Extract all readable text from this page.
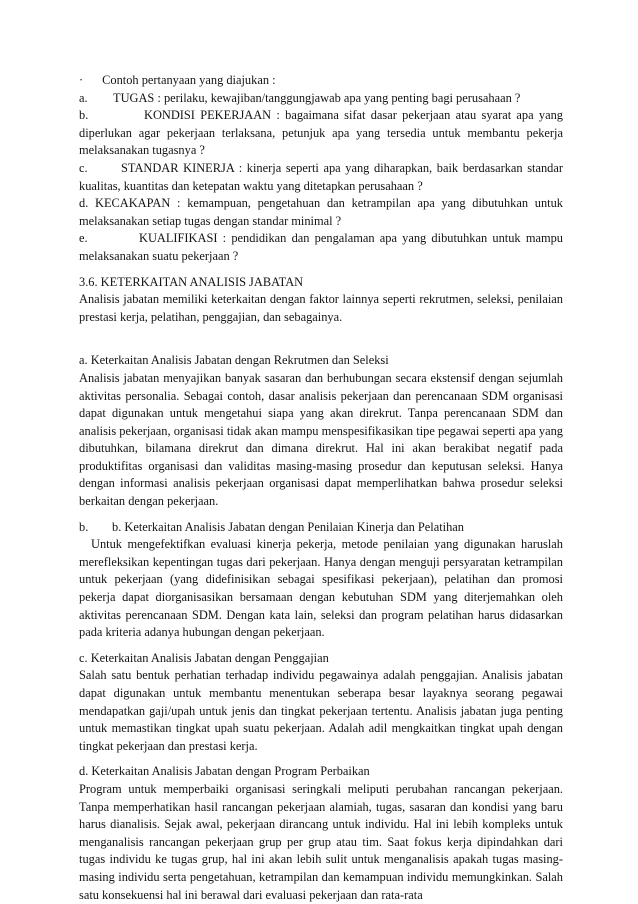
· Contoh pertanyaan yang diajukan :

a. TUGAS : perilaku, kewajiban/tanggungjawab apa yang penting bagi perusahaan ?

b.	KONDISI PEKERJAAN : bagaimana sifat dasar pekerjaan atau syarat apa yang diperlukan agar pekerjaan terlaksana, petunjuk apa yang tersedia untuk membantu pekerja melaksanakan tugasnya ?

c.	STANDAR KINERJA : kinerja seperti apa yang diharapkan, baik berdasarkan standar kualitas, kuantitas dan ketepatan waktu yang ditetapkan perusahaan ?

d. KECAKAPAN : kemampuan, pengetahuan dan ketrampilan apa yang dibutuhkan untuk melaksanakan setiap tugas dengan standar minimal ?

e.	KUALIFIKASI : pendidikan dan pengalaman apa yang dibutuhkan untuk mampu melaksanakan suatu pekerjaan ?

3.6. KETERKAITAN ANALISIS JABATAN

Analisis jabatan memiliki keterkaitan dengan faktor lainnya seperti rekrutmen, seleksi, penilaian prestasi kerja, pelatihan, penggajian, dan sebagainya.

a. Keterkaitan Analisis Jabatan dengan Rekrutmen dan Seleksi

Analisis jabatan menyajikan banyak sasaran dan berhubungan secara ekstensif dengan sejumlah aktivitas personalia. Sebagai contoh, dasar analisis pekerjaan dan perencanaan SDM organisasi dapat digunakan untuk mengetahui siapa yang akan direkrut. Tanpa perencanaan SDM dan analisis pekerjaan, organisasi tidak akan mampu menspesifikasikan tipe pegawai seperti apa yang dibutuhkan, bilamana direkrut dan dimana direkrut. Hal ini akan berakibat negatif pada produktifitas organisasi dan validitas masing-masing prosedur dan keputusan seleksi. Hanya dengan informasi analisis pekerjaan organisasi dapat memperlihatkan bahwa prosedur seleksi berkaitan dengan pekerjaan.

b. b. Keterkaitan Analisis Jabatan dengan Penilaian Kinerja dan Pelatihan

Untuk mengefektifkan evaluasi kinerja pekerja, metode penilaian yang digunakan haruslah merefleksikan kepentingan tugas dari pekerjaan. Hanya dengan menguji persyaratan ketrampilan untuk pekerjaan (yang didefinisikan sebagai spesifikasi pekerjaan), pelatihan dan promosi pekerja dapat diorganisasikan bersamaan dengan kebutuhan SDM yang diterjemahkan oleh aktivitas perencanaan SDM. Dengan kata lain, seleksi dan program pelatihan harus didasarkan pada kriteria adanya hubungan dengan pekerjaan.

c. Keterkaitan Analisis Jabatan dengan Penggajian

Salah satu bentuk perhatian terhadap individu pegawainya adalah penggajian. Analisis jabatan dapat digunakan untuk membantu menentukan seberapa besar layaknya seorang pegawai mendapatkan gaji/upah untuk jenis dan tingkat pekerjaan tertentu. Analisis jabatan juga penting untuk memastikan tingkat upah suatu pekerjaan. Adalah adil mengkaitkan tingkat upah dengan tingkat pekerjaan dan prestasi kerja.

d. Keterkaitan Analisis Jabatan dengan Program Perbaikan

Program untuk memperbaiki organisasi seringkali meliputi perubahan rancangan pekerjaan. Tanpa memperhatikan hasil rancangan pekerjaan alamiah, tugas, sasaran dan kondisi yang baru harus dianalisis. Sejak awal, pekerjaan dirancang untuk individu. Hal ini lebih kompleks untuk menganalisis rancangan pekerjaan grup per grup atau tim. Saat fokus kerja dipindahkan dari tugas individu ke tugas grup, hal ini akan lebih sulit untuk menganalisis apakah tugas masing-masing individu serta pengetahuan, ketrampilan dan kemampuan individu memungkinkan. Salah satu konsekuensi hal ini berawal dari evaluasi pekerjaan dan rata-rata
